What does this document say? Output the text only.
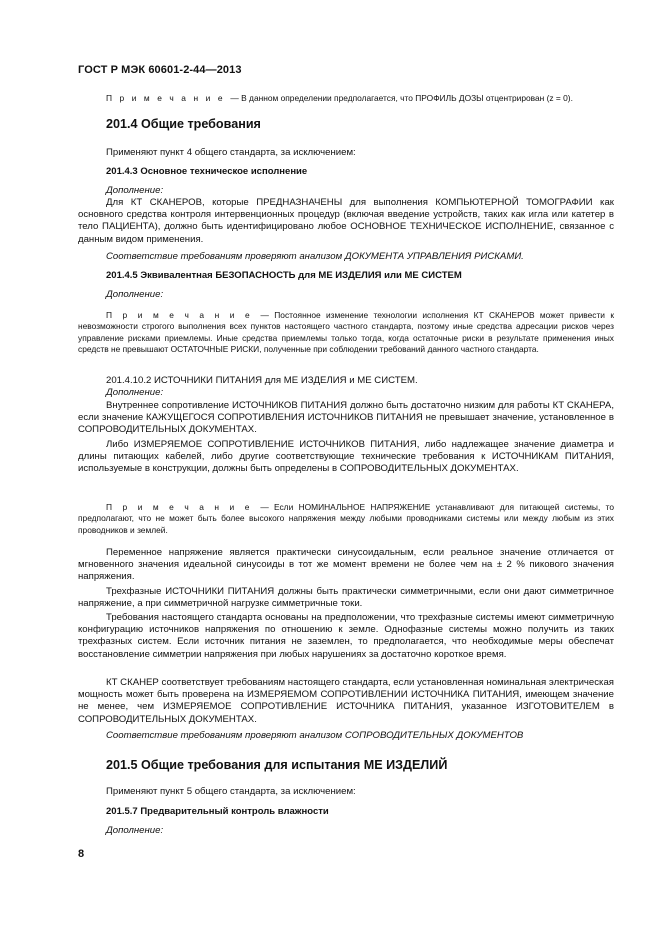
ГОСТ Р МЭК 60601-2-44—2013
П р и м е ч а н и е — В данном определении предполагается, что ПРОФИЛЬ ДОЗЫ отцентрирован (z = 0).
201.4 Общие требования
Применяют пункт 4 общего стандарта, за исключением:
201.4.3 Основное техническое исполнение
Дополнение:
Для КТ СКАНЕРОВ, которые ПРЕДНАЗНАЧЕНЫ для выполнения КОМПЬЮТЕРНОЙ ТОМОГРАФИИ как основного средства контроля интервенционных процедур (включая введение устройств, таких как игла или катетер в тело ПАЦИЕНТА), должно быть идентифицировано любое ОСНОВНОЕ ТЕХНИЧЕСКОЕ ИСПОЛНЕНИЕ, связанное с данным видом применения.
Соответствие требованиям проверяют анализом ДОКУМЕНТА УПРАВЛЕНИЯ РИСКАМИ.
201.4.5 Эквивалентная БЕЗОПАСНОСТЬ для МЕ ИЗДЕЛИЯ или МЕ СИСТЕМ
Дополнение:
П р и м е ч а н и е — Постоянное изменение технологии исполнения КТ СКАНЕРОВ может привести к невозможности строгого выполнения всех пунктов настоящего частного стандарта, поэтому иные средства адресации рисков через управление рисками приемлемы. Иные средства приемлемы только тогда, когда остаточные риски в результате применения иных средств не превышают ОСТАТОЧНЫЕ РИСКИ, полученные при соблюдении требований данного частного стандарта.
201.4.10.2 ИСТОЧНИКИ ПИТАНИЯ для МЕ ИЗДЕЛИЯ и МЕ СИСТЕМ.
Дополнение:
Внутреннее сопротивление ИСТОЧНИКОВ ПИТАНИЯ должно быть достаточно низким для работы КТ СКАНЕРА, если значение КАЖУЩЕГОСЯ СОПРОТИВЛЕНИЯ ИСТОЧНИКОВ ПИТАНИЯ не превышает значение, установленное в СОПРОВОДИТЕЛЬНЫХ ДОКУМЕНТАХ.
Либо ИЗМЕРЯЕМОЕ СОПРОТИВЛЕНИЕ ИСТОЧНИКОВ ПИТАНИЯ, либо надлежащее значение диаметра и длины питающих кабелей, либо другие соответствующие технические требования к ИСТОЧНИКАМ ПИТАНИЯ, используемые в конструкции, должны быть определены в СОПРОВОДИТЕЛЬНЫХ ДОКУМЕНТАХ.
П р и м е ч а н и е — Если НОМИНАЛЬНОЕ НАПРЯЖЕНИЕ устанавливают для питающей системы, то предполагают, что не может быть более высокого напряжения между любыми проводниками системы или между любым из этих проводников и землей.
Переменное напряжение является практически синусоидальным, если реальное значение отличается от мгновенного значения идеальной синусоиды в тот же момент времени не более чем на ± 2 % пикового значения напряжения.
Трехфазные ИСТОЧНИКИ ПИТАНИЯ должны быть практически симметричными, если они дают симметричное напряжение, а при симметричной нагрузке симметричные токи.
Требования настоящего стандарта основаны на предположении, что трехфазные системы имеют симметричную конфигурацию источников напряжения по отношению к земле. Однофазные системы можно получить из таких трехфазных систем. Если источник питания не заземлен, то предполагается, что необходимые меры обеспечат восстановление симметрии напряжения при любых нарушениях за достаточно короткое время.
КТ СКАНЕР соответствует требованиям настоящего стандарта, если установленная номинальная электрическая мощность может быть проверена на ИЗМЕРЯЕМОМ СОПРОТИВЛЕНИИ ИСТОЧНИКА ПИТАНИЯ, имеющем значение не менее, чем ИЗМЕРЯЕМОЕ СОПРОТИВЛЕНИЕ ИСТОЧНИКА ПИТАНИЯ, указанное ИЗГОТОВИТЕЛЕМ в СОПРОВОДИТЕЛЬНЫХ ДОКУМЕНТАХ.
Соответствие требованиям проверяют анализом СОПРОВОДИТЕЛЬНЫХ ДОКУМЕНТОВ
201.5 Общие требования для испытания МЕ ИЗДЕЛИЙ
Применяют пункт 5 общего стандарта, за исключением:
201.5.7 Предварительный контроль влажности
Дополнение:
8
